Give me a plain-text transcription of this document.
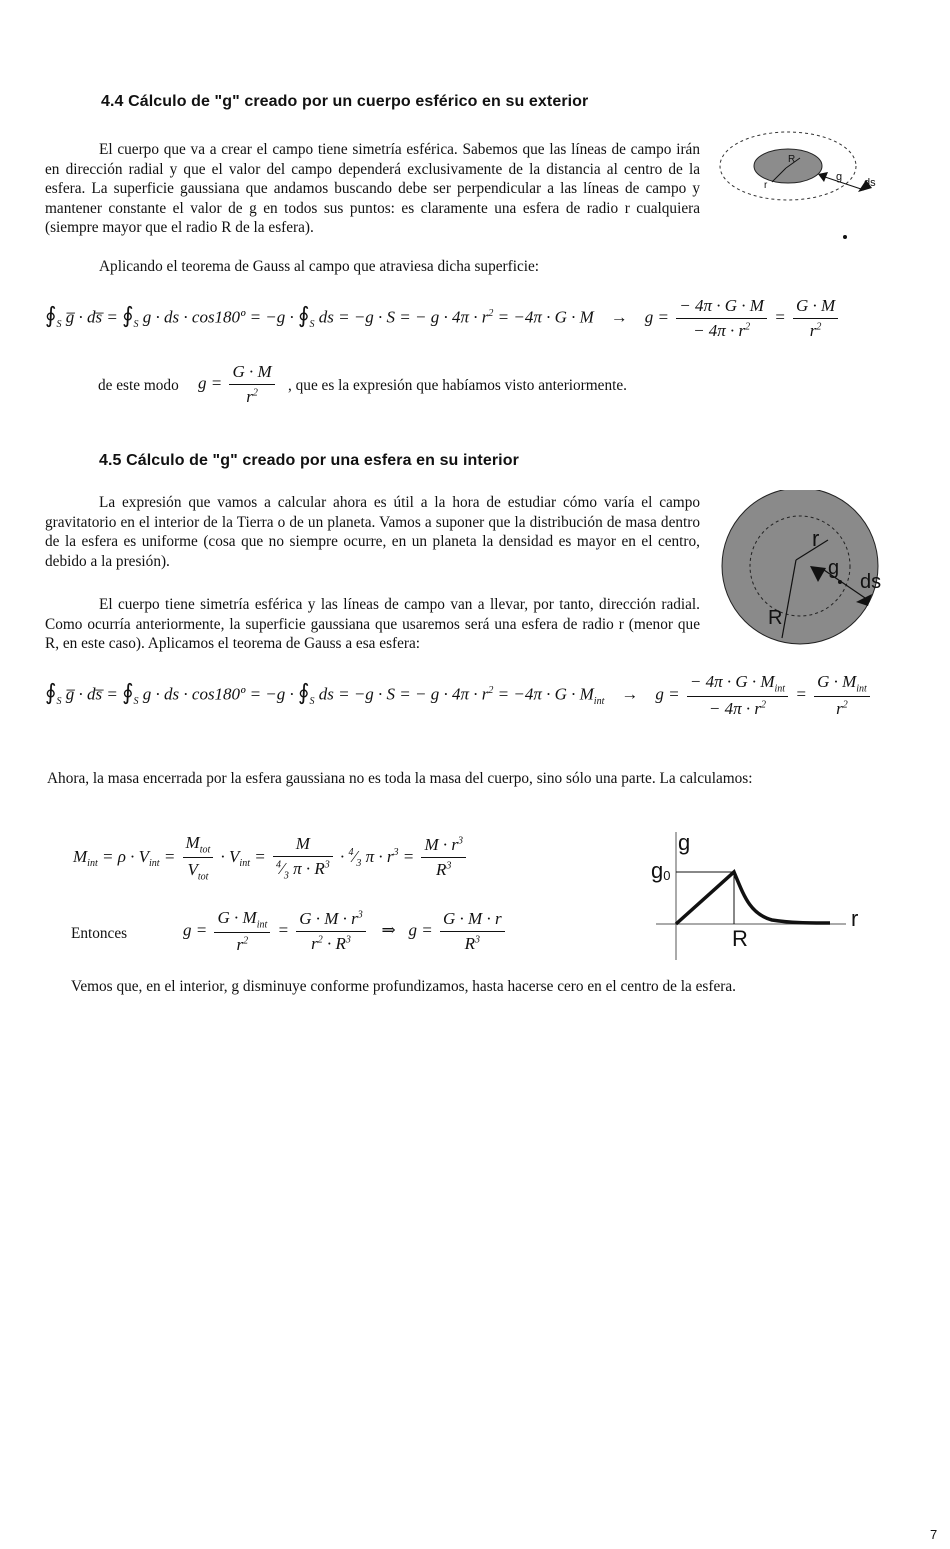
4.4 Cálculo de "g" creado por un cuerpo esférico en su exterior
El cuerpo que va a crear el campo tiene simetría esférica. Sabemos que las líneas de campo irán en dirección radial y que el valor del campo dependerá exclusivamente de la distancia al centro de la esfera. La superficie gaussiana que andamos buscando debe ser perpendicular a las líneas de campo y mantener constante el valor de g en todos sus puntos: es claramente una esfera de radio r cualquiera (siempre mayor que el radio R de la esfera).
R
r
g ds
Aplicando el teorema de Gauss al campo que atraviesa dicha superficie:
$∮_S$ g̅ · ds̅ = $∮_S$ g · ds · cos180º = $-g \cdot ∮_S$ ds = −g · S = − $g \cdot 4\pi \cdot r^2 = -4\pi \cdot G \cdot M$    →    $g = \frac{- 4\pi \cdot G \cdot M}{- 4\pi \cdot r^2} = \frac{G \cdot M}{r^2}$
de este modo $g = \frac{G \cdot M}{r^2}$ , que es la expresión que habíamos visto anteriormente.
4.5 Cálculo de "g" creado por una esfera en su interior
La expresión que vamos a calcular ahora es útil a la hora de estudiar cómo varía el campo gravitatorio en el interior de la Tierra o de un planeta. Vamos a suponer que la distribución de masa dentro de la esfera es uniforme (cosa que no siempre ocurre, en un planeta la densidad es mayor en el centro, debido a la presión).
El cuerpo tiene simetría esférica y las líneas de campo van a llevar, por tanto, dirección radial. Como ocurría anteriormente, la superficie gaussiana que usaremos será una esfera de radio r (menor que R, en este caso). Aplicamos el teorema de Gauss a esa esfera:
r
g
ds
R
$∮_S$ g̅ · ds̅ = $∮_S$ g · ds · cos180º = $-g \cdot ∮_S$ ds = −g · S = − $g \cdot 4\pi \cdot r^2 = -4\pi \cdot G \cdot M_{int}$    →    $g = \frac{- 4\pi \cdot G \cdot M_{int}}{- 4\pi \cdot r^2} = \frac{G \cdot M_{int}}{r^2}$
Ahora, la masa encerrada por la esfera gaussiana no es toda la masa del cuerpo, sino sólo una parte. La calculamos:
$M_{int} = \rho \cdot V_{int} = \frac{M_{tot}}{V_{tot}} \cdot V_{int} = \frac{M}{^4⁄_3 \pi \cdot R^3}$ · $^4⁄_3$ $\pi \cdot r^3 = \frac{M \cdot r^3}{R^3}$
Entonces	$g = \frac{G \cdot M_{int}}{r^2} = \frac{G \cdot M \cdot r^3}{r^2 \cdot R^3}$ ⇒   $g = \frac{G \cdot M \cdot r}{R^3}$
g
g0
r
R
Vemos que, en el interior, g disminuye conforme profundizamos, hasta hacerse cero en el centro de la esfera.
7
